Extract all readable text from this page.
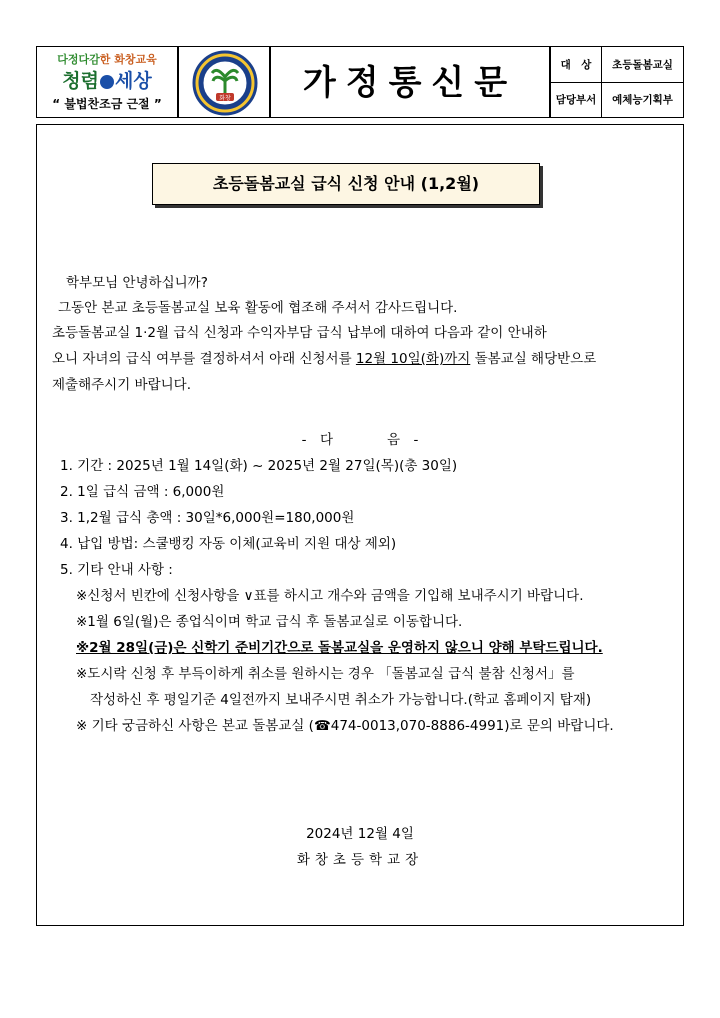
다정다감한 화창교육
청렴 세상
“ 불법찬조금 근절 ”	화창	가정통신문	대　상	초등돌봄교실
담당부서	예체능기획부
초등돌봄교실 급식 신청 안내 (1,2월)
학부모님 안녕하십니까?
그동안 본교 초등돌봄교실 보육 활동에 협조해 주셔서 감사드립니다.
초등돌봄교실 1·2월 급식 신청과 수익자부담 급식 납부에 대하여 다음과 같이 안내하
오니 자녀의 급식 여부를 결정하셔서 아래 신청서를 12월 10일(화)까지 돌봄교실 해당반으로
제출해주시기 바랍니다.
-　다　　　　음　-
1. 기간 : 2025년 1월 14일(화) ~ 2025년 2월 27일(목)(총 30일)
2. 1일 급식 금액 : 6,000원
3. 1,2월 급식 총액 : 30일*6,000원=180,000원
4. 납입 방법: 스쿨뱅킹 자동 이체(교육비 지원 대상 제외)
5. 기타 안내 사항 :
※신청서 빈칸에 신청사항을 ∨표를 하시고 개수와 금액을 기입해 보내주시기 바랍니다.
※1월 6일(월)은 종업식이며 학교 급식 후 돌봄교실로 이동합니다.
※2월 28일(금)은 신학기 준비기간으로 돌봄교실을 운영하지 않으니 양해 부탁드립니다.
※도시락 신청 후 부득이하게 취소를 원하시는 경우 「돌봄교실 급식 불참 신청서」를
작성하신 후 평일기준 4일전까지 보내주시면 취소가 가능합니다.(학교 홈페이지 탑재)
※ 기타 궁금하신 사항은 본교 돌봄교실 (☎474-0013,070-8886-4991)로 문의 바랍니다.
2024년 12월 4일
화창초등학교장
